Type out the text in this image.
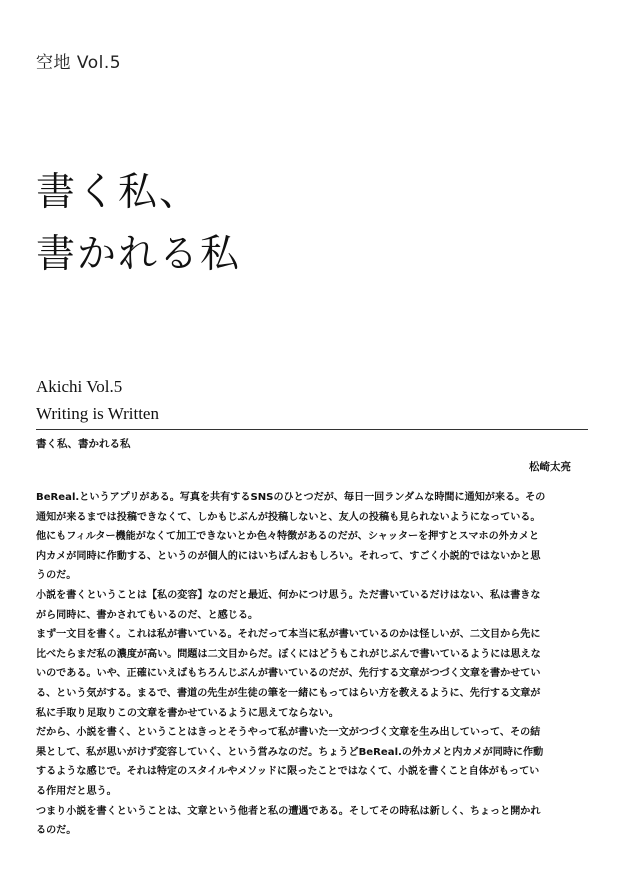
空地 Vol.5
書く私、
書かれる私
Akichi Vol.5
Writing is Written
書く私、書かれる私
松崎太亮
BeReal.というアプリがある。写真を共有するSNSのひとつだが、毎日一回ランダムな時間に通知が来る。その
通知が来るまでは投稿できなくて、しかもじぶんが投稿しないと、友人の投稿も見られないようになっている。
他にもフィルター機能がなくて加工できないとか色々特徴があるのだが、シャッターを押すとスマホの外カメと
内カメが同時に作動する、というのが個人的にはいちばんおもしろい。それって、すごく小説的ではないかと思
うのだ。
小説を書くということは【私の変容】なのだと最近、何かにつけ思う。ただ書いているだけはない、私は書きな
がら同時に、書かされてもいるのだ、と感じる。
まず一文目を書く。これは私が書いている。それだって本当に私が書いているのかは怪しいが、二文目から先に
比べたらまだ私の濃度が高い。問題は二文目からだ。ぼくにはどうもこれがじぶんで書いているようには思えな
いのである。いや、正確にいえばもちろんじぶんが書いているのだが、先行する文章がつづく文章を書かせてい
る、という気がする。まるで、書道の先生が生徒の筆を一緒にもってはらい方を教えるように、先行する文章が
私に手取り足取りこの文章を書かせているように思えてならない。
だから、小説を書く、ということはきっとそうやって私が書いた一文がつづく文章を生み出していって、その結
果として、私が思いがけず変容していく、という営みなのだ。ちょうどBeReal.の外カメと内カメが同時に作動
するような感じで。それは特定のスタイルやメソッドに限ったことではなくて、小説を書くこと自体がもってい
る作用だと思う。
つまり小説を書くということは、文章という他者と私の遭遇である。そしてその時私は新しく、ちょっと開かれ
るのだ。
